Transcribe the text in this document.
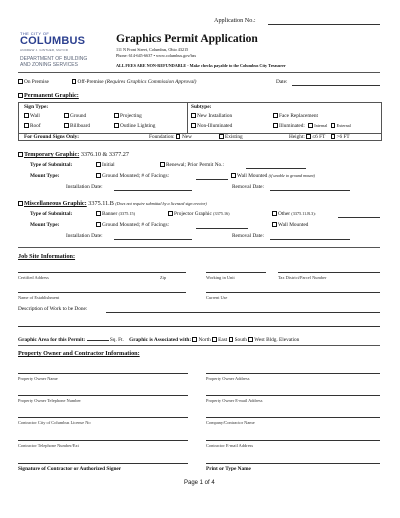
Application No.:
THE CITY OF
COLUMBUS
ANDREW J. GINTHER, MAYOR
DEPARTMENT OF BUILDING
AND ZONING SERVICES
Graphics Permit Application
111 N Front Street, Columbus, Ohio 43215
Phone: 614-645-6637 • www.columbus.gov/bzs
ALL FEES ARE NON-REFUNDABLE - Make checks payable to the Columbus City Treasurer
On Premise	Off-Premise (Requires Graphics Commission Approval)	Date:
Permanent Graphic:
Sign Type:
Wall	Ground	Projecting
Roof	Billboard	Outline Lighting
Subtype:
New Installation	Face Replacement
Non-Illuminated	Illuminated: Internal External
For Ground Signs Only:	Foundation: New	Existing	Height: ≤6 FT >6 FT
Temporary Graphic: 3376.10 & 3377.27
Type of Submittal:	Initial	Renewal; Prior Permit No.:
Mount Type:	Ground Mounted; # of Facings:	Wall Mounted (if unable to ground mount)
Installation Date:	Removal Date:
Miscellaneous Graphic: 3375.11.B (Does not require submittal by a licensed sign erector)
Type of Submittal:	Banner (3375.15)	Projector Graphic (3375.16)	Other (3375.11.B.3):
Mount Type:	Ground Mounted; # of Facings:	Wall Mounted
Installation Date:	Removal Date:
Job Site Information:
Certified Address	Zip	Working in Unit	Tax District/Parcel Number
Name of Establishment	Current Use
Description of Work to be Done:
Graphic Area for this Permit:	Sq. Ft. Graphic is Associated with: North East South West Bldg. Elevation
Property Owner and Contractor Information:
Property Owner Name	Property Owner Address
Property Owner Telephone Number	Property Owner E-mail Address
Contractor City of Columbus License No	Company/Contractor Name
Contractor Telephone Number/Ext	Contractor E-mail Address
Signature of Contractor or Authorized Signer	Print or Type Name
Page 1 of 4
